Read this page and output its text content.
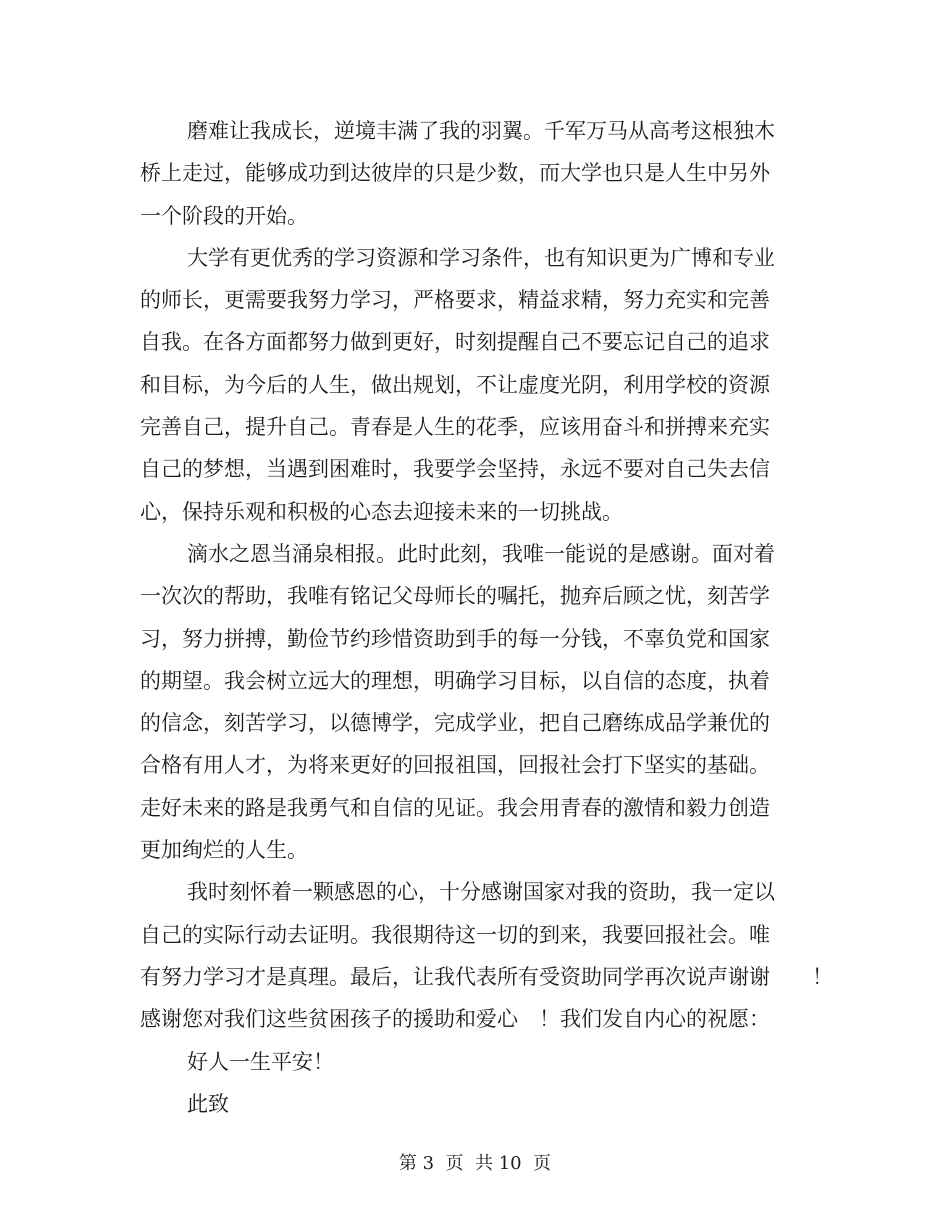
磨难让我成长，逆境丰满了我的羽翼。千军万马从高考这根独木
桥上走过，能够成功到达彼岸的只是少数，而大学也只是人生中另外
一个阶段的开始。
大学有更优秀的学习资源和学习条件，也有知识更为广博和专业
的师长，更需要我努力学习，严格要求，精益求精，努力充实和完善
自我。在各方面都努力做到更好，时刻提醒自己不要忘记自己的追求
和目标，为今后的人生，做出规划，不让虚度光阴，利用学校的资源
完善自己，提升自己。青春是人生的花季，应该用奋斗和拼搏来充实
自己的梦想，当遇到困难时，我要学会坚持，永远不要对自己失去信
心，保持乐观和积极的心态去迎接未来的一切挑战。
滴水之恩当涌泉相报。此时此刻，我唯一能说的是感谢。面对着
一次次的帮助，我唯有铭记父母师长的嘱托，抛弃后顾之忧，刻苦学
习，努力拼搏，勤俭节约珍惜资助到手的每一分钱，不辜负党和国家
的期望。我会树立远大的理想，明确学习目标，以自信的态度，执着
的信念，刻苦学习，以德博学，完成学业，把自己磨练成品学兼优的
合格有用人才，为将来更好的回报祖国，回报社会打下坚实的基础。
走好未来的路是我勇气和自信的见证。我会用青春的激情和毅力创造
更加绚烂的人生。
我时刻怀着一颗感恩的心，十分感谢国家对我的资助，我一定以
自己的实际行动去证明。我很期待这一切的到来，我要回报社会。唯
有努力学习才是真理。最后，让我代表所有受资助同学再次说声谢谢　　！
感谢您对我们这些贫困孩子的援助和爱心　！我们发自内心的祝愿：
好人一生平安！
此致
第 3  页  共 10  页
